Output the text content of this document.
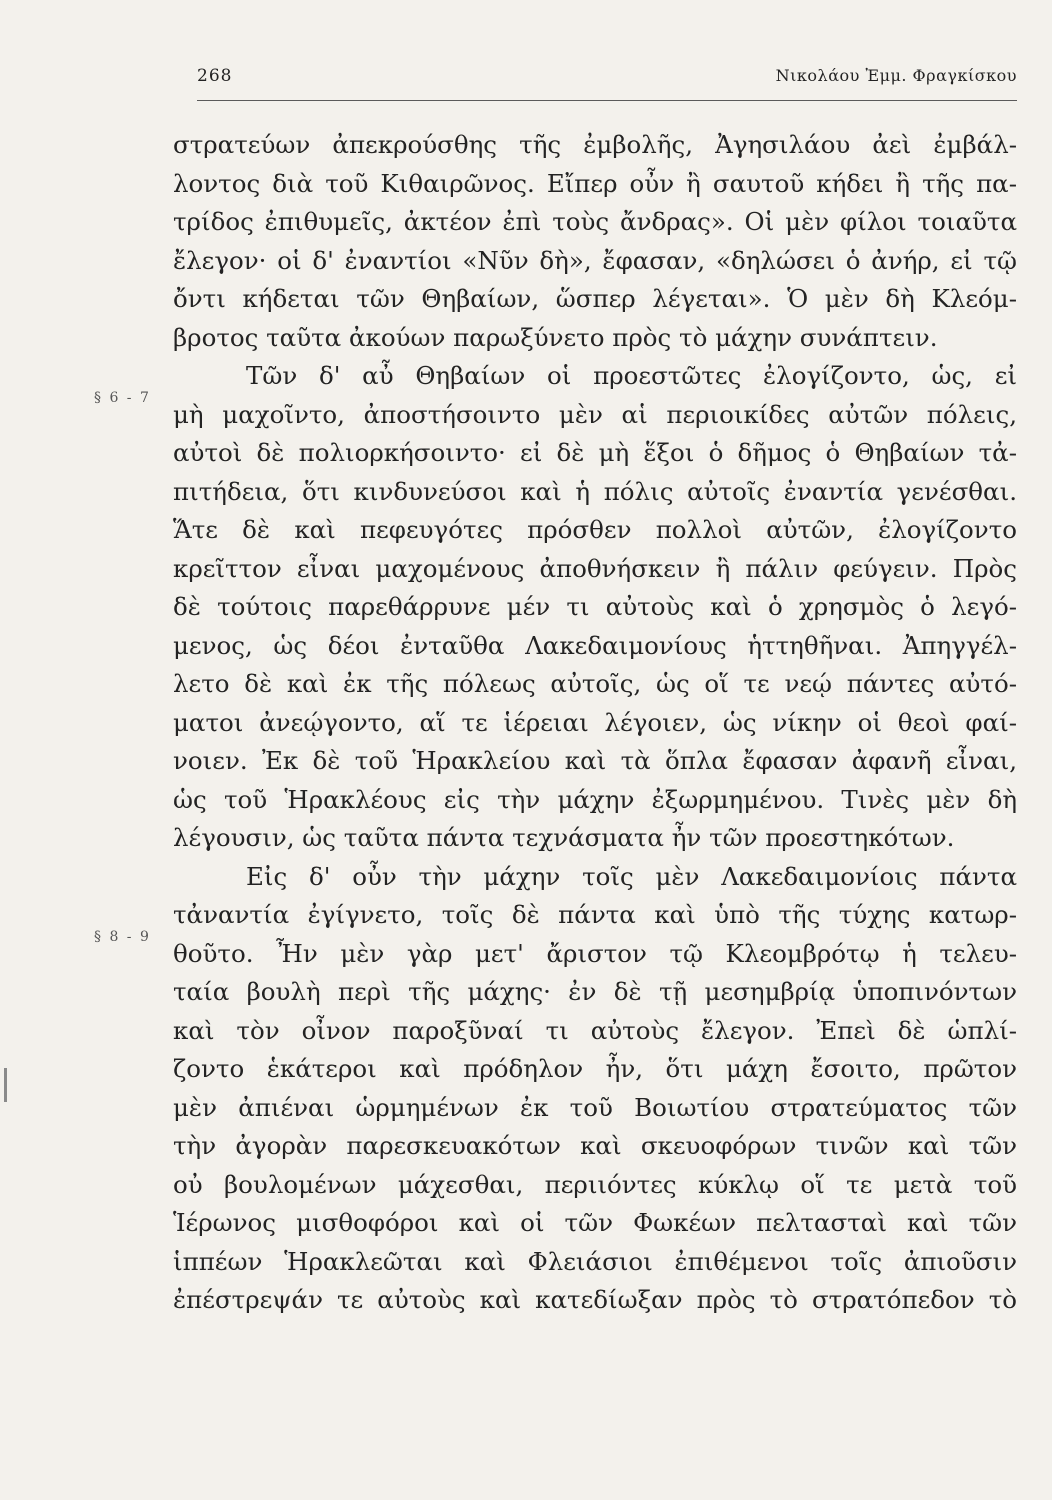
268	Νικολάου Ἐμμ. Φραγκίσκου
§ 6 - 7
§ 8 - 9
στρατεύων ἀπεκρούσθης τῆς ἐμβολῆς, Ἀγησιλάου ἀεὶ ἐμβάλ-
λοντος διὰ τοῦ Κιθαιρῶνος. Εἴπερ οὖν ἢ σαυτοῦ κήδει ἢ τῆς πα-
τρίδος ἐπιθυμεῖς, ἀκτέον ἐπὶ τοὺς ἄνδρας». Οἱ μὲν φίλοι τοιαῦτα
ἔλεγον· οἱ δ' ἐναντίοι «Νῦν δὴ», ἔφασαν, «δηλώσει ὁ ἀνήρ, εἰ τῷ
ὄντι κήδεται τῶν Θηβαίων, ὥσπερ λέγεται». Ὁ μὲν δὴ Κλεόμ-
βροτος ταῦτα ἀκούων παρωξύνετο πρὸς τὸ μάχην συνάπτειν.
Τῶν δ' αὖ Θηβαίων οἱ προεστῶτες ἐλογίζοντο, ὡς, εἰ
μὴ μαχοῖντο, ἀποστήσοιντο μὲν αἱ περιοικίδες αὐτῶν πόλεις,
αὐτοὶ δὲ πολιορκήσοιντο· εἰ δὲ μὴ ἕξοι ὁ δῆμος ὁ Θηβαίων τἀ-
πιτήδεια, ὅτι κινδυνεύσοι καὶ ἡ πόλις αὐτοῖς ἐναντία γενέσθαι.
Ἅτε δὲ καὶ πεφευγότες πρόσθεν πολλοὶ αὐτῶν, ἐλογίζοντο
κρεῖττον εἶναι μαχομένους ἀποθνήσκειν ἢ πάλιν φεύγειν. Πρὸς
δὲ τούτοις παρεθάρρυνε μέν τι αὐτοὺς καὶ ὁ χρησμὸς ὁ λεγό-
μενος, ὡς δέοι ἐνταῦθα Λακεδαιμονίους ἡττηθῆναι. Ἀπηγγέλ-
λετο δὲ καὶ ἐκ τῆς πόλεως αὐτοῖς, ὡς οἵ τε νεῴ πάντες αὐτό-
ματοι ἀνεῴγοντο, αἵ τε ἱέρειαι λέγοιεν, ὡς νίκην οἱ θεοὶ φαί-
νοιεν. Ἐκ δὲ τοῦ Ἡρακλείου καὶ τὰ ὅπλα ἔφασαν ἀφανῆ εἶναι,
ὡς τοῦ Ἡρακλέους εἰς τὴν μάχην ἐξωρμημένου. Τινὲς μὲν δὴ
λέγουσιν, ὡς ταῦτα πάντα τεχνάσματα ἦν τῶν προεστηκότων.
Εἰς δ' οὖν τὴν μάχην τοῖς μὲν Λακεδαιμονίοις πάντα
τἀναντία ἐγίγνετο, τοῖς δὲ πάντα καὶ ὑπὸ τῆς τύχης κατωρ-
θοῦτο. Ἦν μὲν γὰρ μετ' ἄριστον τῷ Κλεομβρότῳ ἡ τελευ-
ταία βουλὴ περὶ τῆς μάχης· ἐν δὲ τῇ μεσημβρίᾳ ὑποπινόντων
καὶ τὸν οἶνον παροξῦναί τι αὐτοὺς ἔλεγον. Ἐπεὶ δὲ ὡπλί-
ζοντο ἑκάτεροι καὶ πρόδηλον ἦν, ὅτι μάχη ἔσοιτο, πρῶτον
μὲν ἀπιέναι ὡρμημένων ἐκ τοῦ Βοιωτίου στρατεύματος τῶν
τὴν ἀγορὰν παρεσκευακότων καὶ σκευοφόρων τινῶν καὶ τῶν
οὐ βουλομένων μάχεσθαι, περιιόντες κύκλῳ οἵ τε μετὰ τοῦ
Ἱέρωνος μισθοφόροι καὶ οἱ τῶν Φωκέων πελτασταὶ καὶ τῶν
ἱππέων Ἡρακλεῶται καὶ Φλειάσιοι ἐπιθέμενοι τοῖς ἀπιοῦσιν
ἐπέστρεψάν τε αὐτοὺς καὶ κατεδίωξαν πρὸς τὸ στρατόπεδον τὸ
